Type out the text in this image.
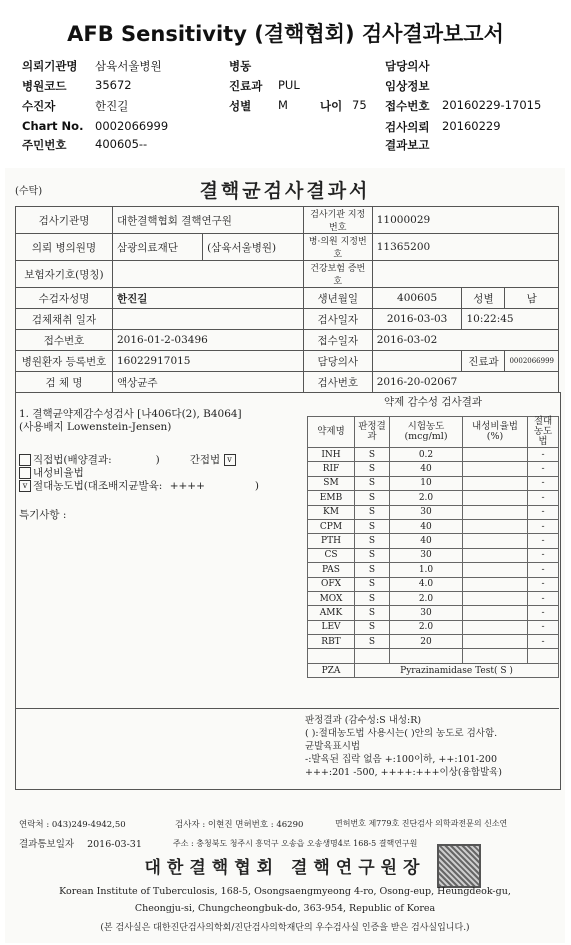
AFB Sensitivity (결핵협회) 검사결과보고서
의뢰기관명 삼육서울병원
병원코드 35672
수진자	한진길
Chart No. 0002066999
주민번호 400605--
병동
진료과 PUL
성별 M	나이 75
담당의사
임상정보
접수번호 20160229-17015
검사의뢰 20160229
결과보고
(수탁)	결핵균검사결과서
검사기관명	대한결핵협회 결핵연구원		검사기관 지정번호	11000029		
의뢰 병의원명	삼광의료재단	(삼육서울병원)	병·의원 지정번호	11365200		
보험자기호(명칭)			건강보험 증번호			
수검자성명	한진길		생년월일	400605	성별	남
검체채취 일자			검사일자	2016-03-03	10:22:45	
접수번호	2016-01-2-03496		접수일자	2016-03-02		
병원환자 등록번호	16022917015		담당의사		진료과	0002066999
검 체 명	액상균주		검사번호	2016-20-02067		
약제 감수성 검사결과
1. 결핵균약제감수성검사 [나406다(2), B4064]
(사용배지 Lowenstein-Jensen)
직접법(배양결과:	)	간접법 v
내성비율법
v 절대농도법(대조배지균발육: ++++	)
특기사항 :
약제명	판정결과	시험농도(mcg/ml)	내성비율법(%)	절대농도법
INH	S	0.2		-
RIF	S	40		-
SM	S	10		-
EMB	S	2.0		-
KM	S	30		-
CPM	S	40		-
PTH	S	40		-
CS	S	30		-
PAS	S	1.0		-
OFX	S	4.0		-
MOX	S	2.0		-
AMK	S	30		-
LEV	S	2.0		-
RBT	S	20		-

PZA	Pyrazinamidase Test( S )			
판정결과 (감수성:S 내성:R)
( ):절대농도법 사용시는( )안의 농도로 검사함.
균발육표시법
-:발육된 집락 없음 +:100이하, ++:101-200
+++:201 -500, ++++:+++이상(융합발육)
연락처 : 043)249-4942,50	검사자 : 이현진 면허번호 : 46290	면허번호 제779호 진단검사 의학과전문의 신소연
결과통보일자 2016-03-31	주소 : 충청북도 청주시 흥덕구 오송읍 오송생명4로 168-5 결핵연구원
대한결핵협회 결핵연구원장
Korean Institute of Tuberculosis, 168-5, Osongsaengmyeong 4-ro, Osong-eup, Heungdeok-gu,
Cheongju-si, Chungcheongbuk-do, 363-954, Republic of Korea
(본 검사실은 대한진단검사의학회/진단검사의학재단의 우수검사실 인증을 받은 검사실입니다.)
